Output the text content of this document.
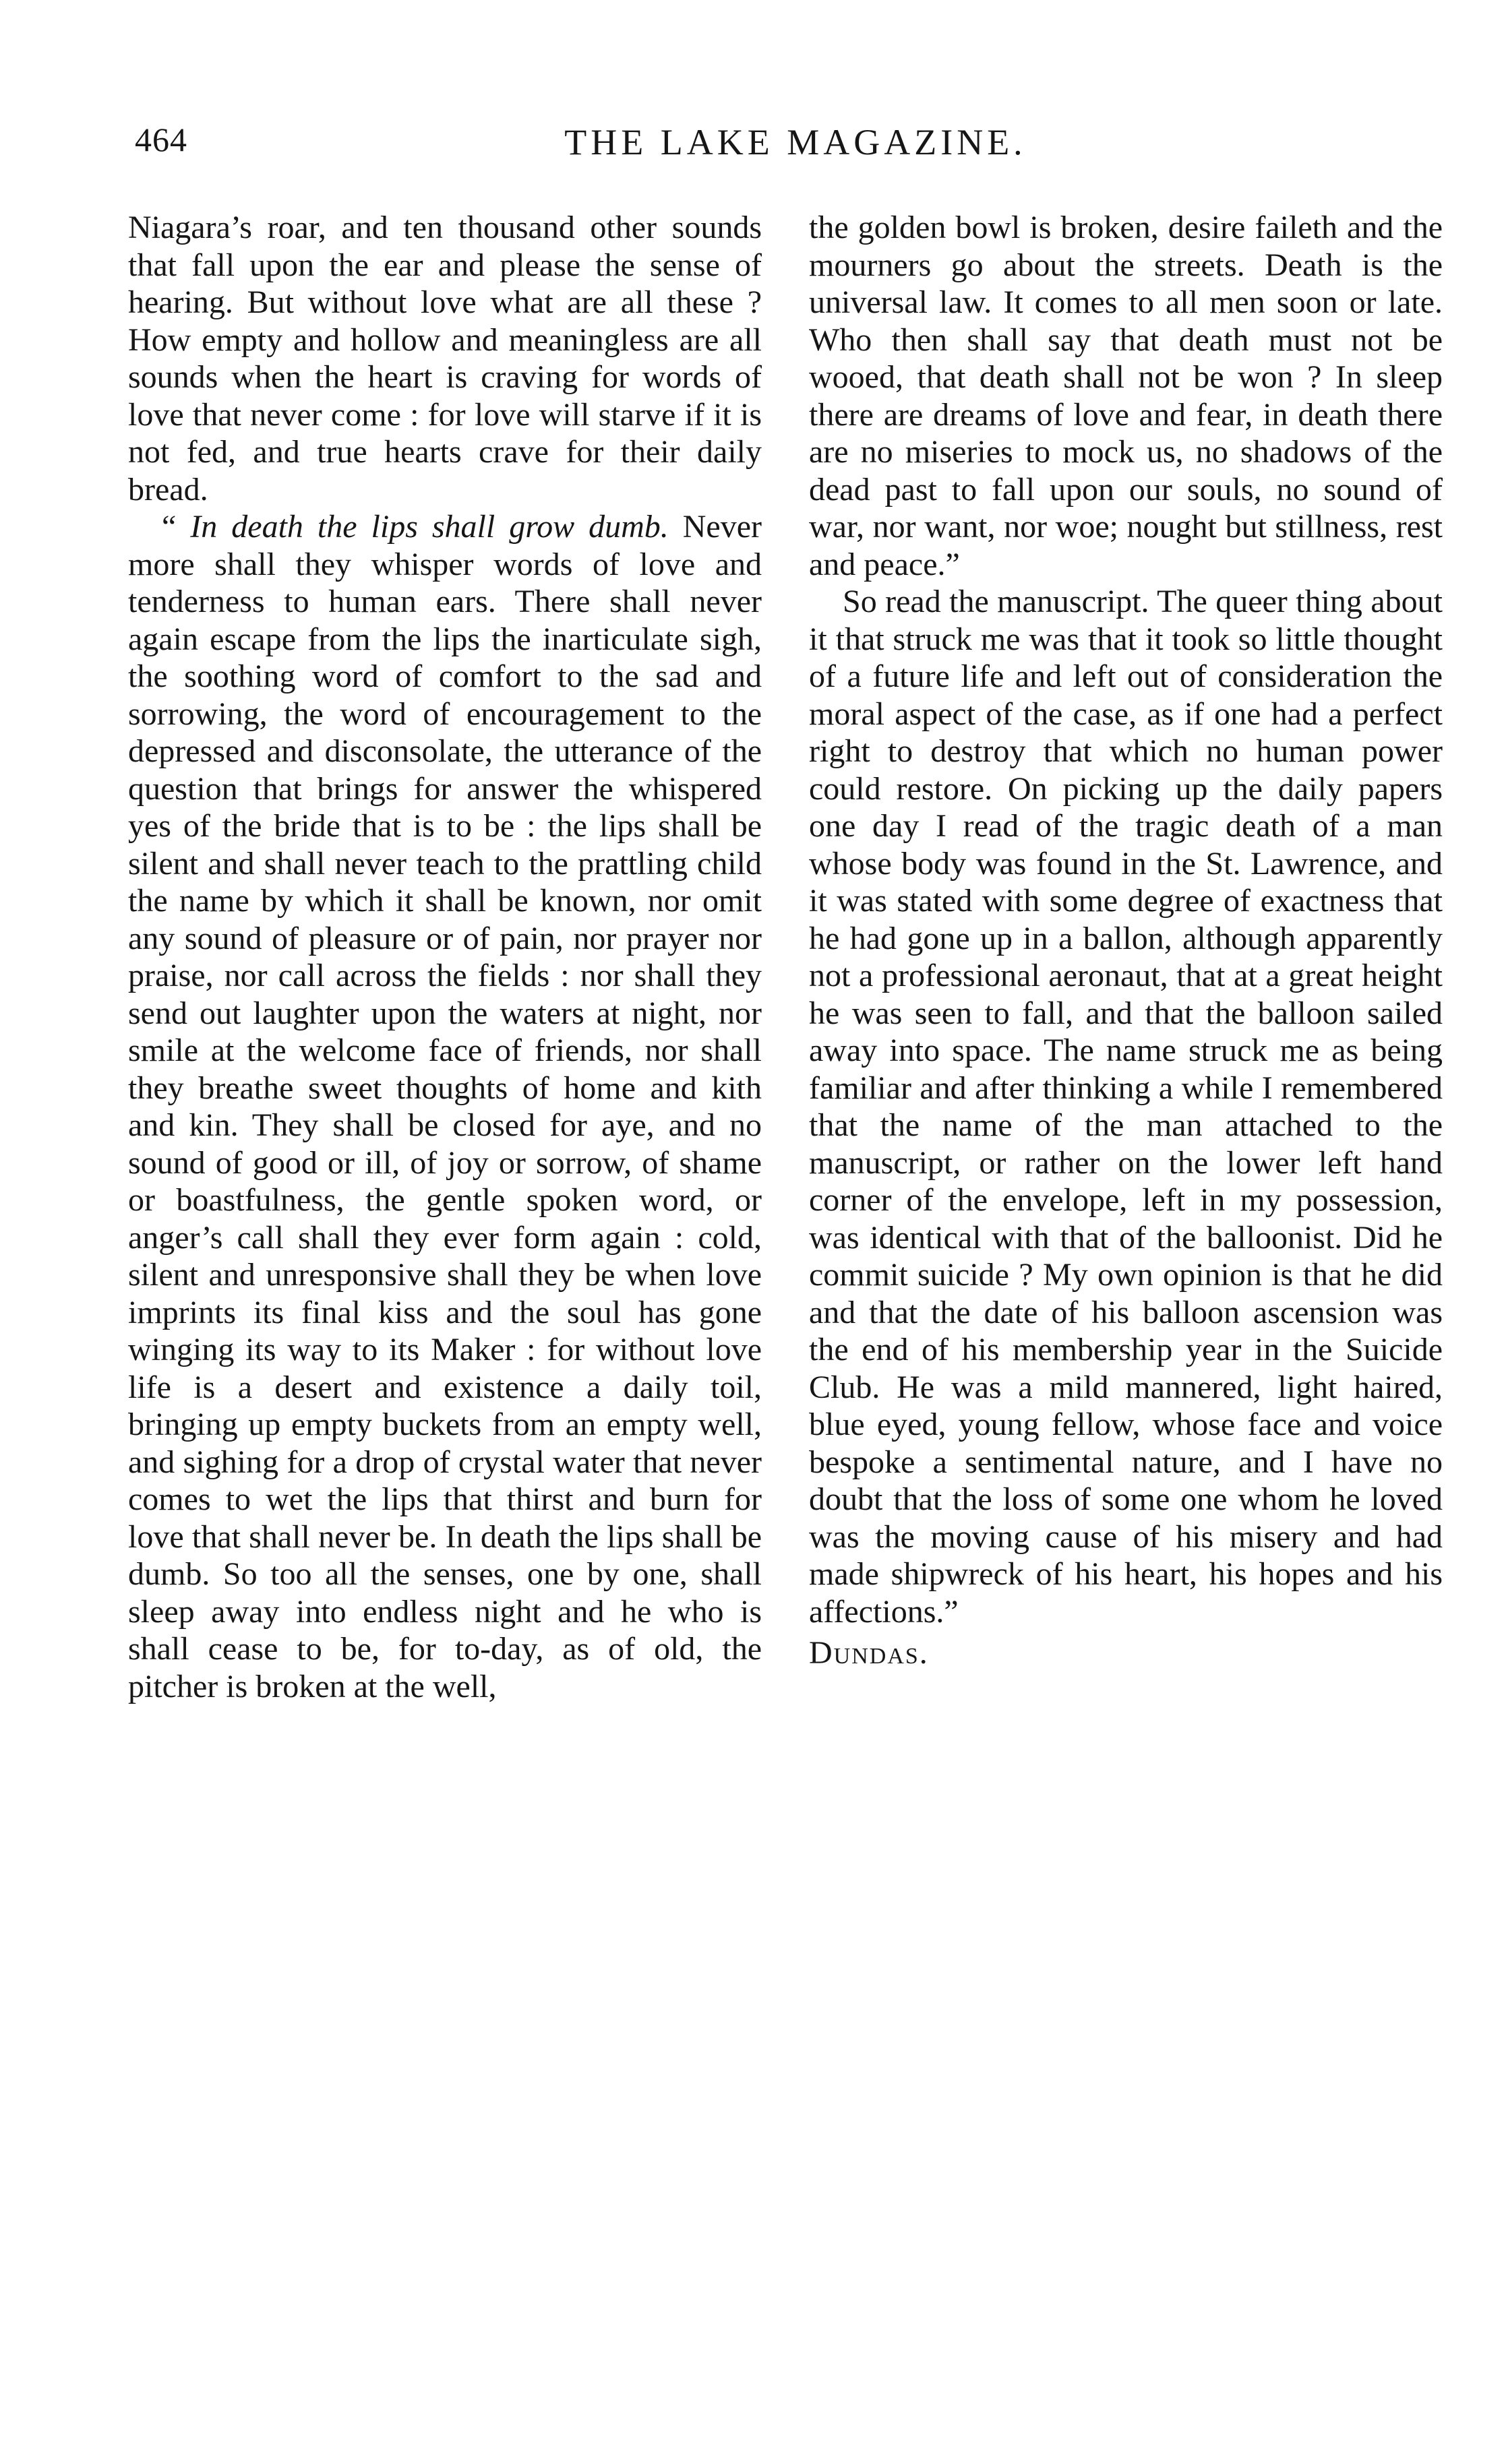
464	THE LAKE MAGAZINE.

Niagara’s roar, and ten thousand other sounds that fall upon the ear and please the sense of hearing. But without love what are all these ? How empty and hollow and meaningless are all sounds when the heart is craving for words of love that never come : for love will starve if it is not fed, and true hearts crave for their daily bread.

“ In death the lips shall grow dumb. Never more shall they whisper words of love and tenderness to human ears. There shall never again escape from the lips the inarticulate sigh, the soothing word of comfort to the sad and sorrowing, the word of encouragement to the depressed and disconsolate, the utterance of the question that brings for answer the whispered yes of the bride that is to be : the lips shall be silent and shall never teach to the prattling child the name by which it shall be known, nor omit any sound of pleasure or of pain, nor prayer nor praise, nor call across the fields : nor shall they send out laughter upon the waters at night, nor smile at the welcome face of friends, nor shall they breathe sweet thoughts of home and kith and kin. They shall be closed for aye, and no sound of good or ill, of joy or sorrow, of shame or boastfulness, the gentle spoken word, or anger’s call shall they ever form again : cold, silent and unresponsive shall they be when love imprints its final kiss and the soul has gone winging its way to its Maker : for without love life is a desert and existence a daily toil, bringing up empty buckets from an empty well, and sighing for a drop of crystal water that never comes to wet the lips that thirst and burn for love that shall never be. In death the lips shall be dumb. So too all the senses, one by one, shall sleep away into endless night and he who is shall cease to be, for to-day, as of old, the pitcher is broken at the well,

the golden bowl is broken, desire faileth and the mourners go about the streets. Death is the universal law. It comes to all men soon or late. Who then shall say that death must not be wooed, that death shall not be won ? In sleep there are dreams of love and fear, in death there are no miseries to mock us, no shadows of the dead past to fall upon our souls, no sound of war, nor want, nor woe; nought but stillness, rest and peace.”

So read the manuscript. The queer thing about it that struck me was that it took so little thought of a future life and left out of consideration the moral aspect of the case, as if one had a perfect right to destroy that which no human power could restore. On picking up the daily papers one day I read of the tragic death of a man whose body was found in the St. Lawrence, and it was stated with some degree of exactness that he had gone up in a ballon, although apparently not a professional aeronaut, that at a great height he was seen to fall, and that the balloon sailed away into space. The name struck me as being familiar and after thinking a while I remembered that the name of the man attached to the manuscript, or rather on the lower left hand corner of the envelope, left in my possession, was identical with that of the balloonist. Did he commit suicide ? My own opinion is that he did and that the date of his balloon ascension was the end of his membership year in the Suicide Club. He was a mild mannered, light haired, blue eyed, young fellow, whose face and voice bespoke a sentimental nature, and I have no doubt that the loss of some one whom he loved was the moving cause of his misery and had made shipwreck of his heart, his hopes and his affections.”

Dundas.
